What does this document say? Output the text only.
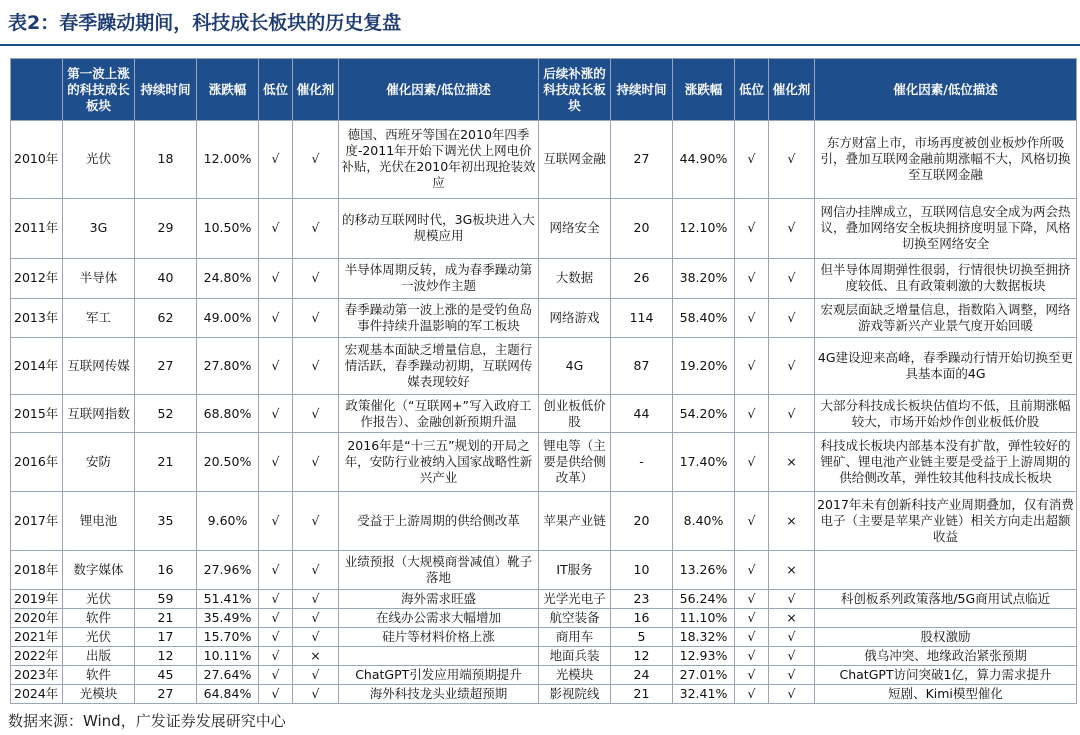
表2：春季躁动期间，科技成长板块的历史复盘
	第一波上涨的科技成长板块	持续时间	涨跌幅	低位	催化剂	催化因素/低位描述	后续补涨的科技成长板块	持续时间	涨跌幅	低位	催化剂	催化因素/低位描述
2010年	光伏	18	12.00%	√	√	德国、西班牙等国在2010年四季度-2011年开始下调光伏上网电价补贴，光伏在2010年初出现抢装效应	互联网金融	27	44.90%	√	√	东方财富上市，市场再度被创业板炒作所吸引，叠加互联网金融前期涨幅不大，风格切换至互联网金融
2011年	3G	29	10.50%	√	√	的移动互联网时代，3G板块进入大规模应用	网络安全	20	12.10%	√	√	网信办挂牌成立，互联网信息安全成为两会热议，叠加网络安全板块拥挤度明显下降，风格切换至网络安全
2012年	半导体	40	24.80%	√	√	半导体周期反转，成为春季躁动第一波炒作主题	大数据	26	38.20%	√	√	但半导体周期弹性很弱，行情很快切换至拥挤度较低、且有政策刺激的大数据板块
2013年	军工	62	49.00%	√	√	春季躁动第一波上涨的是受钓鱼岛事件持续升温影响的军工板块	网络游戏	114	58.40%	√	√	宏观层面缺乏增量信息，指数陷入调整，网络游戏等新兴产业景气度开始回暖
2014年	互联网传媒	27	27.80%	√	√	宏观基本面缺乏增量信息，主题行情活跃，春季躁动初期，互联网传媒表现较好	4G	87	19.20%	√	√	4G建设迎来高峰，春季躁动行情开始切换至更具基本面的4G
2015年	互联网指数	52	68.80%	√	√	政策催化（“互联网+”写入政府工作报告）、金融创新预期升温	创业板低价股	44	54.20%	√	√	大部分科技成长板块估值均不低，且前期涨幅较大，市场开始炒作创业板低价股
2016年	安防	21	20.50%	√	√	2016年是“十三五”规划的开局之年，安防行业被纳入国家战略性新兴产业	锂电等（主要是供给侧改革）	-	17.40%	√	×	科技成长板块内部基本没有扩散，弹性较好的锂矿、锂电池产业链主要是受益于上游周期的供给侧改革，弹性较其他科技成长板块
2017年	锂电池	35	9.60%	√	√	受益于上游周期的供给侧改革	苹果产业链	20	8.40%	√	×	2017年未有创新科技产业周期叠加，仅有消费电子（主要是苹果产业链）相关方向走出超额收益
2018年	数字媒体	16	27.96%	√	√	业绩预报（大规模商誉减值）靴子落地	IT服务	10	13.26%	√	×	
2019年	光伏	59	51.41%	√	√	海外需求旺盛	光学光电子	23	56.24%	√	√	科创板系列政策落地/5G商用试点临近
2020年	软件	21	35.49%	√	√	在线办公需求大幅增加	航空装备	16	11.10%	√	×	
2021年	光伏	17	15.70%	√	√	硅片等材料价格上涨	商用车	5	18.32%	√	√	股权激励
2022年	出版	12	10.11%	√	×		地面兵装	12	12.93%	√	√	俄乌冲突、地缘政治紧张预期
2023年	软件	45	27.64%	√	√	ChatGPT引发应用端预期提升	光模块	24	27.01%	√	√	ChatGPT访问突破1亿，算力需求提升
2024年	光模块	27	64.84%	√	√	海外科技龙头业绩超预期	影视院线	21	32.41%	√	√	短剧、Kimi模型催化
数据来源：Wind，广发证券发展研究中心
